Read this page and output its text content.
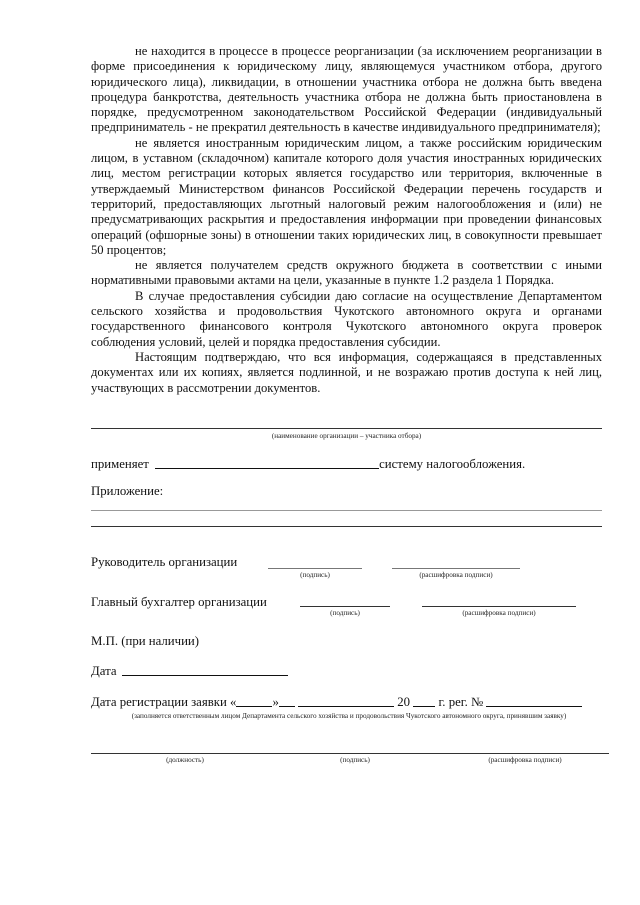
не находится в процессе в процессе реорганизации (за исключением реорганизации в форме присоединения к юридическому лицу, являющемуся участником отбора, другого юридического лица), ликвидации, в отношении участника отбора не должна быть введена процедура банкротства, деятельность участника отбора не должна быть приостановлена в порядке, предусмотренном законодательством Российской Федерации (индивидуальный предприниматель - не прекратил деятельность в качестве индивидуального предпринимателя);

не является иностранным юридическим лицом, а также российским юридическим лицом, в уставном (складочном) капитале которого доля участия иностранных юридических лиц, местом регистрации которых является государство или территория, включенные в утверждаемый Министерством финансов Российской Федерации перечень государств и территорий, предоставляющих льготный налоговый режим налогообложения и (или) не предусматривающих раскрытия и предоставления информации при проведении финансовых операций (офшорные зоны) в отношении таких юридических лиц, в совокупности превышает 50 процентов;

не является получателем средств окружного бюджета в соответствии с иными нормативными правовыми актами на цели, указанные в пункте 1.2 раздела 1 Порядка.

В случае предоставления субсидии даю согласие на осуществление Департаментом сельского хозяйства и продовольствия Чукотского автономного округа и органами государственного финансового контроля Чукотского автономного округа проверок соблюдения условий, целей и порядка предоставления субсидии.

Настоящим подтверждаю, что вся информация, содержащаяся в представленных документах или их копиях, является подлинной, и не возражаю против доступа к ней лиц, участвующих в рассмотрении документов.

(наименование организации – участника отбора)
применяет	систему налогообложения.
Приложение:
Руководитель организации
(подпись)	(расшифровка подписи)
Главный бухгалтер организации
(подпись)	(расшифровка подписи)
М.П. (при наличии)
Дата
Дата регистрации заявки «	»	20 г. рег. №
(заполняется ответственным лицом Департамента сельского хозяйства и продовольствия Чукотского автономного округа, принявшим заявку)
(должность)	(подпись)	(расшифровка подписи)
